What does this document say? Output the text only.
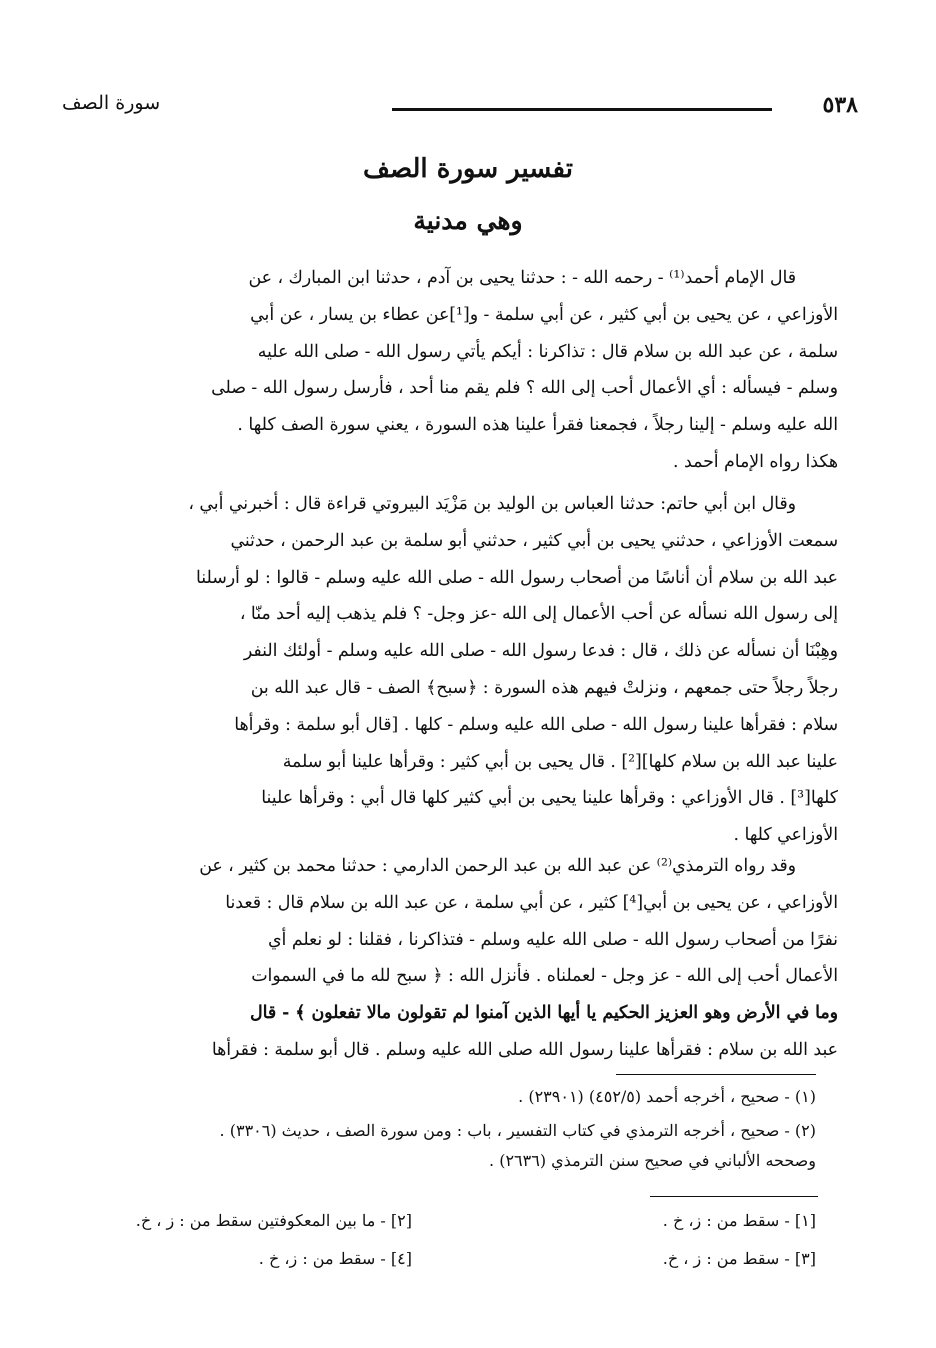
٥٣٨
سورة الصف
تفسير سورة الصف
وهي مدنية
قال الإمام أحمد⁽¹⁾ - رحمه الله - : حدثنا يحيى بن آدم ، حدثنا ابن المبارك ، عن
الأوزاعي ، عن يحيى بن أبي كثير ، عن أبي سلمة - و[¹]عن عطاء بن يسار ، عن أبي
سلمة ، عن عبد الله بن سلام قال : تذاكرنا : أيكم يأتي رسول الله - صلى الله عليه
وسلم - فيسأله : أي الأعمال أحب إلى الله ؟ فلم يقم منا أحد ، فأرسل رسول الله - صلى
الله عليه وسلم - إلينا رجلاً ، فجمعنا فقرأ علينا هذه السورة ، يعني سورة الصف كلها .
هكذا رواه الإمام أحمد .
وقال ابن أبي حاتم: حدثنا العباس بن الوليد بن مَزْيَد البيروتي قراءة قال : أخبرني أبي ،
سمعت الأوزاعي ، حدثني يحيى بن أبي كثير ، حدثني أبو سلمة بن عبد الرحمن ، حدثني
عبد الله بن سلام أن أناسًا من أصحاب رسول الله - صلى الله عليه وسلم - قالوا : لو أرسلنا
إلى رسول الله نسأله عن أحب الأعمال إلى الله -عز وجل- ؟ فلم يذهب إليه أحد منّا ،
وهِبْنَا أن نسأله عن ذلك ، قال : فدعا رسول الله - صلى الله عليه وسلم - أولئك النفر
رجلاً رجلاً حتى جمعهم ، ونزلتْ فيهم هذه السورة : ﴿سبح﴾ الصف - قال عبد الله بن
سلام : فقرأها علينا رسول الله - صلى الله عليه وسلم - كلها . [قال أبو سلمة : وقرأها
علينا عبد الله بن سلام كلها][²] . قال يحيى بن أبي كثير : وقرأها علينا أبو سلمة
كلها[³] . قال الأوزاعي : وقرأها علينا يحيى بن أبي كثير كلها قال أبي : وقرأها علينا
الأوزاعي كلها .
وقد رواه الترمذي⁽²⁾ عن عبد الله بن عبد الرحمن الدارمي : حدثنا محمد بن كثير ، عن
الأوزاعي ، عن يحيى بن أبي[⁴] كثير ، عن أبي سلمة ، عن عبد الله بن سلام قال : قعدنا
نفرًا من أصحاب رسول الله - صلى الله عليه وسلم - فتذاكرنا ، فقلنا : لو نعلم أي
الأعمال أحب إلى الله - عز وجل - لعملناه . فأنزل الله : ﴿ سبح لله ما في السموات
وما في الأرض وهو العزيز الحكيم يا أيها الذين آمنوا لم تقولون مالا تفعلون ﴾ - قال
عبد الله بن سلام : فقرأها علينا رسول الله صلى الله عليه وسلم . قال أبو سلمة : فقرأها
(١) - صحيح ، أخرجه أحمد (٤٥٢/٥) (٢٣٩٠١) .
(٢) - صحيح ، أخرجه الترمذي في كتاب التفسير ، باب : ومن سورة الصف ، حديث (٣٣٠٦) .
وصححه الألباني في صحيح سنن الترمذي (٢٦٣٦) .
[١] - سقط من : ز، خ .
[٣] - سقط من : ز ، خ.
[٢] - ما بين المعكوفتين سقط من : ز ، خ.
[٤] - سقط من : ز، خ .
